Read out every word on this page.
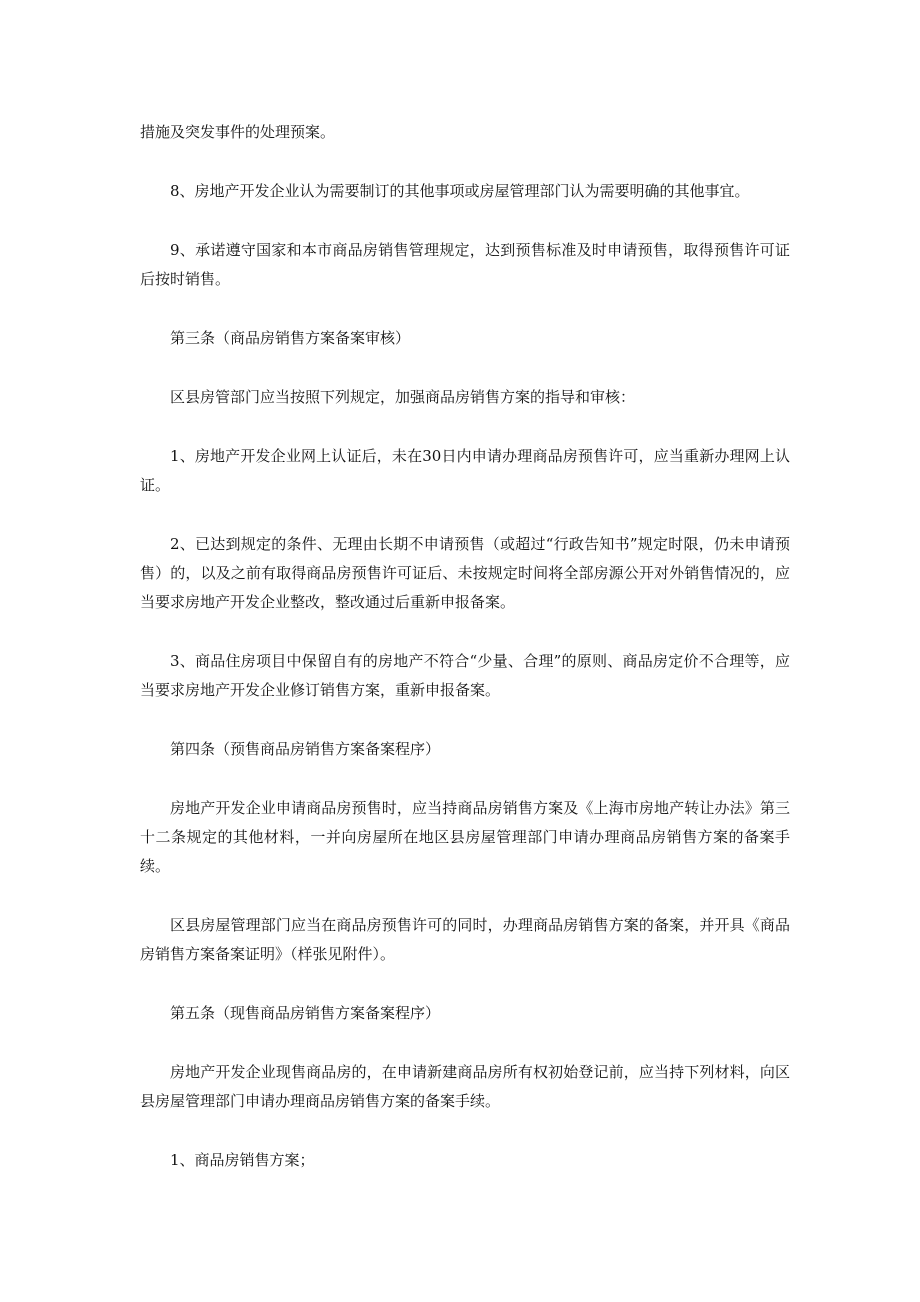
措施及突发事件的处理预案。

8、房地产开发企业认为需要制订的其他事项或房屋管理部门认为需要明确的其他事宜。

9、承诺遵守国家和本市商品房销售管理规定，达到预售标准及时申请预售，取得预售许可证后按时销售。

第三条（商品房销售方案备案审核）

区县房管部门应当按照下列规定，加强商品房销售方案的指导和审核：

1、房地产开发企业网上认证后，未在30日内申请办理商品房预售许可，应当重新办理网上认证。

2、已达到规定的条件、无理由长期不申请预售（或超过“行政告知书”规定时限，仍未申请预售）的，以及之前有取得商品房预售许可证后、未按规定时间将全部房源公开对外销售情况的，应当要求房地产开发企业整改，整改通过后重新申报备案。

3、商品住房项目中保留自有的房地产不符合“少量、合理”的原则、商品房定价不合理等，应当要求房地产开发企业修订销售方案，重新申报备案。

第四条（预售商品房销售方案备案程序）

房地产开发企业申请商品房预售时，应当持商品房销售方案及《上海市房地产转让办法》第三十二条规定的其他材料，一并向房屋所在地区县房屋管理部门申请办理商品房销售方案的备案手续。

区县房屋管理部门应当在商品房预售许可的同时，办理商品房销售方案的备案，并开具《商品房销售方案备案证明》（样张见附件）。

第五条（现售商品房销售方案备案程序）

房地产开发企业现售商品房的，在申请新建商品房所有权初始登记前，应当持下列材料，向区县房屋管理部门申请办理商品房销售方案的备案手续。

1、商品房销售方案；
